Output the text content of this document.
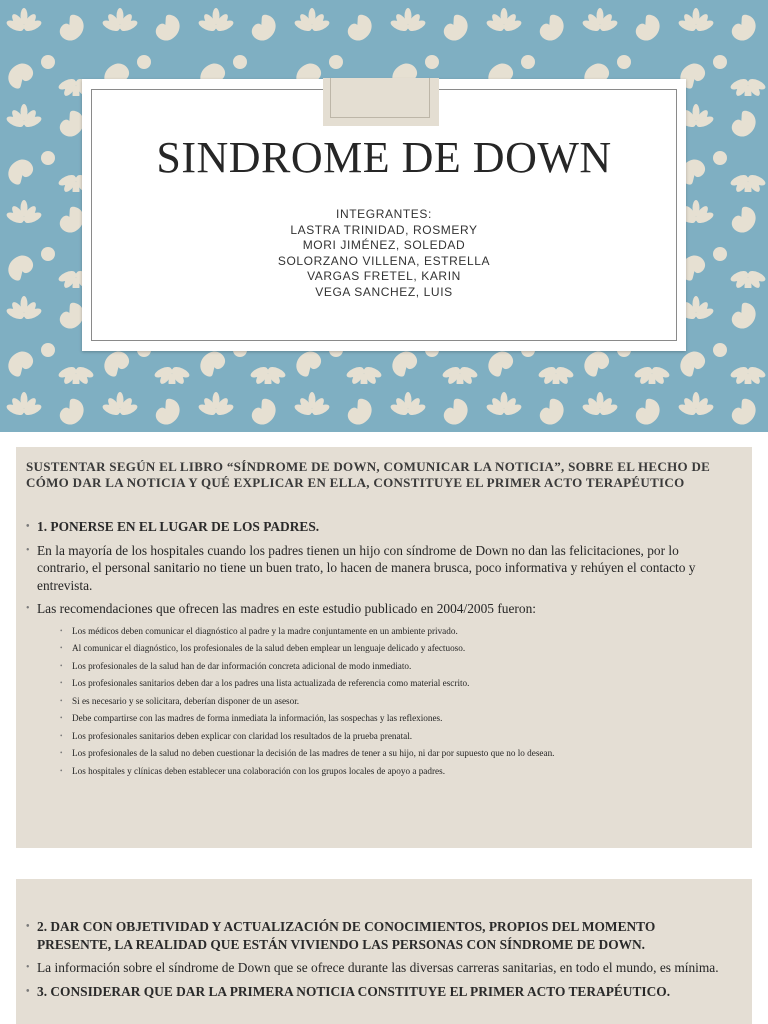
SINDROME DE DOWN
INTEGRANTES:
LASTRA TRINIDAD, ROSMERY
MORI JIMÉNEZ, SOLEDAD
SOLORZANO VILLENA, ESTRELLA
VARGAS FRETEL, KARIN
VEGA SANCHEZ, LUIS
SUSTENTAR SEGÚN EL LIBRO “SÍNDROME DE DOWN, COMUNICAR LA NOTICIA”, SOBRE EL HECHO DE CÓMO DAR LA NOTICIA Y QUÉ EXPLICAR EN ELLA, CONSTITUYE EL PRIMER ACTO TERAPÉUTICO
• 1. PONERSE EN EL LUGAR DE LOS PADRES.
• En la mayoría de los hospitales cuando los padres tienen un hijo con síndrome de Down no dan las felicitaciones, por lo contrario, el personal sanitario no tiene un buen trato, lo hacen de manera brusca, poco informativa y rehúyen el contacto y entrevista.
• Las recomendaciones que ofrecen las madres en este estudio publicado en 2004/2005 fueron:
• Los médicos deben comunicar el diagnóstico al padre y la madre conjuntamente en un ambiente privado.
• Al comunicar el diagnóstico, los profesionales de la salud deben emplear un lenguaje delicado y afectuoso.
• Los profesionales de la salud han de dar información concreta adicional de modo inmediato.
• Los profesionales sanitarios deben dar a los padres una lista actualizada de referencia como material escrito.
• Si es necesario y se solicitara, deberían disponer de un asesor.
• Debe compartirse con las madres de forma inmediata la información, las sospechas y las reflexiones.
• Los profesionales sanitarios deben explicar con claridad los resultados de la prueba prenatal.
• Los profesionales de la salud no deben cuestionar la decisión de las madres de tener a su hijo, ni dar por supuesto que no lo desean.
• Los hospitales y clínicas deben establecer una colaboración con los grupos locales de apoyo a padres.
• 2. DAR CON OBJETIVIDAD Y ACTUALIZACIÓN DE CONOCIMIENTOS, PROPIOS DEL MOMENTO PRESENTE, LA REALIDAD QUE ESTÁN VIVIENDO LAS PERSONAS CON SÍNDROME DE DOWN.
• La información sobre el síndrome de Down que se ofrece durante las diversas carreras sanitarias, en todo el mundo, es mínima.
• 3. CONSIDERAR QUE DAR LA PRIMERA NOTICIA CONSTITUYE EL PRIMER ACTO TERAPÉUTICO.
